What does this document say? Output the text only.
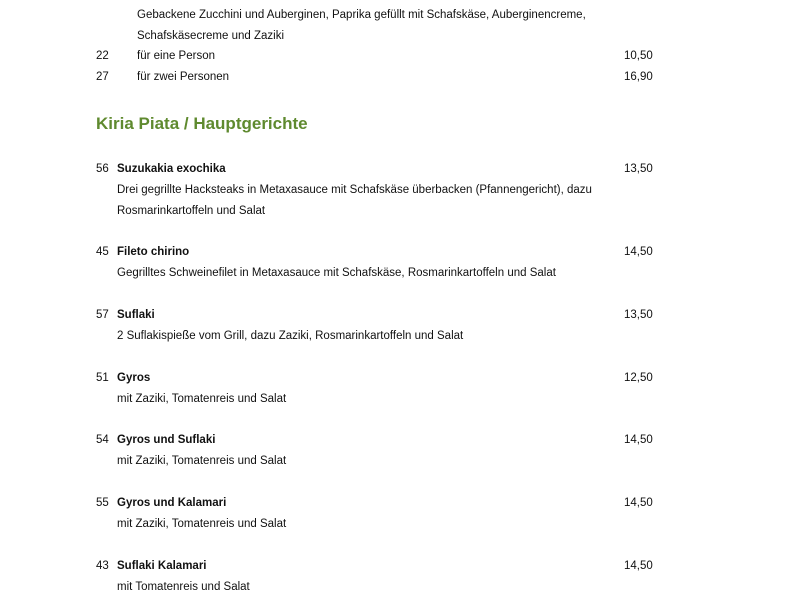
Gebackene Zucchini und Auberginen, Paprika gefüllt mit Schafskäse, Auberginencreme,
Schafskäsecreme und Zaziki
22	für eine Person	10,50
27	für zwei Personen	16,90
Kiria Piata / Hauptgerichte
56 Suzukakia exochika	13,50
Drei gegrillte Hacksteaks in Metaxasauce mit Schafskäse überbacken (Pfannengericht), dazu
Rosmarinkartoffeln und Salat
45 Fileto chirino	14,50
Gegrilltes Schweinefilet in Metaxasauce mit Schafskäse, Rosmarinkartoffeln und Salat
57 Suflaki	13,50
2 Suflakispieße vom Grill, dazu Zaziki, Rosmarinkartoffeln und Salat
51 Gyros	12,50
mit Zaziki, Tomatenreis und Salat
54 Gyros und Suflaki	14,50
mit Zaziki, Tomatenreis und Salat
55 Gyros und Kalamari	14,50
mit Zaziki, Tomatenreis und Salat
43 Suflaki Kalamari	14,50
mit Tomatenreis und Salat
